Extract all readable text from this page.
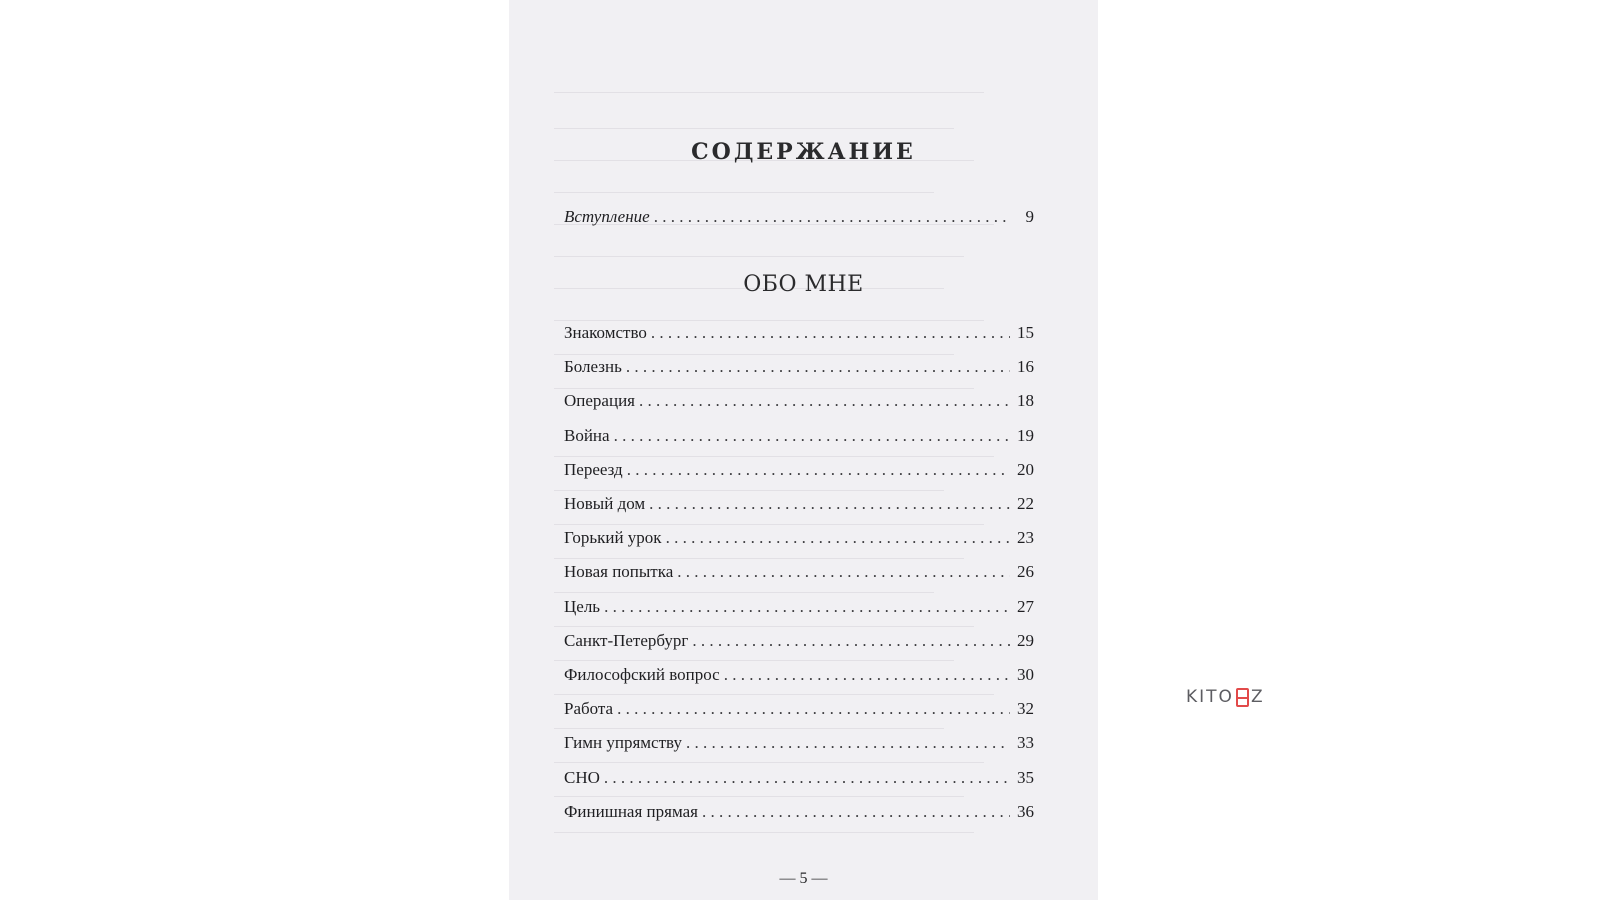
СОДЕРЖАНИЕ
Вступление . . .	9
ОБО МНЕ
Знакомство . . .	15
Болезнь . . .	16
Операция . . .	18
Война . . .	19
Переезд . . .	20
Новый дом . . .	22
Горький урок . . .	23
Новая попытка . . .	26
Цель . . .	27
Санкт-Петербург . . .	29
Философский вопрос . . .	30
Работа . . .	32
Гимн упрямству . . .	33
СНО . . .	35
Финишная прямая . . .	36
— 5 —
KITO Z
